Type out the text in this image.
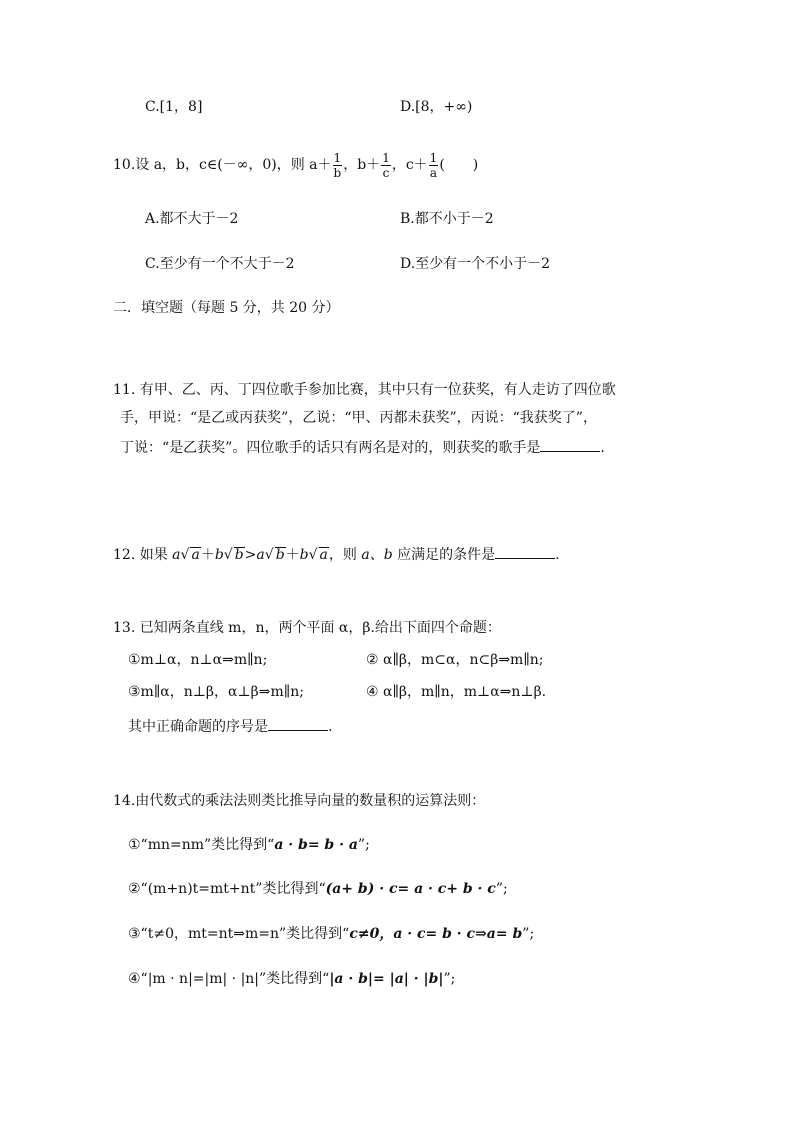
C.[1，8]	D.[8，+∞)
10.设 a，b，c∈(－∞，0)，则 $a+ \frac{1}{b}$ ，$b+ \frac{1}{c}$ ，$c+ \frac{1}{a}$ (　　)
A.都不大于－2	B.都不小于－2
C.至少有一个不大于－2	D.至少有一个不小于－2
二．填空题（每题 5 分，共 20 分）
11. 有甲、乙、丙、丁四位歌手参加比赛，其中只有一位获奖，有人走访了四位歌
手，甲说：“是乙或丙获奖”，乙说：“甲、丙都未获奖”，丙说：“我获奖了”，
丁说：“是乙获奖”。四位歌手的话只有两名是对的，则获奖的歌手是	.
12. 如果 a√ a＋b√ b>a√ b＋b√ a，则 a、b 应满足的条件是	.
13. 已知两条直线 m，n，两个平面 α，β.给出下面四个命题：
①m⊥α，n⊥α⇒m∥n;	② α∥β，m⊂α，n⊂β⇒m∥n;
③m∥α，n⊥β，α⊥β⇒m∥n;	④ α∥β，m∥n，m⊥α⇒n⊥β.
其中正确命题的序号是	.
14.由代数式的乘法法则类比推导向量的数量积的运算法则：
①“mn=nm”类比得到“a · b= b · a”;
②“(m+n)t=mt+nt”类比得到“(a+ b) · c= a · c+ b · c”;
③“t≠0，mt=nt⇒m=n”类比得到“c≠0，a · c= b · c⇒a= b”;
④“|m · n|=|m| · |n|”类比得到“|a · b|= |a| · |b|”;
